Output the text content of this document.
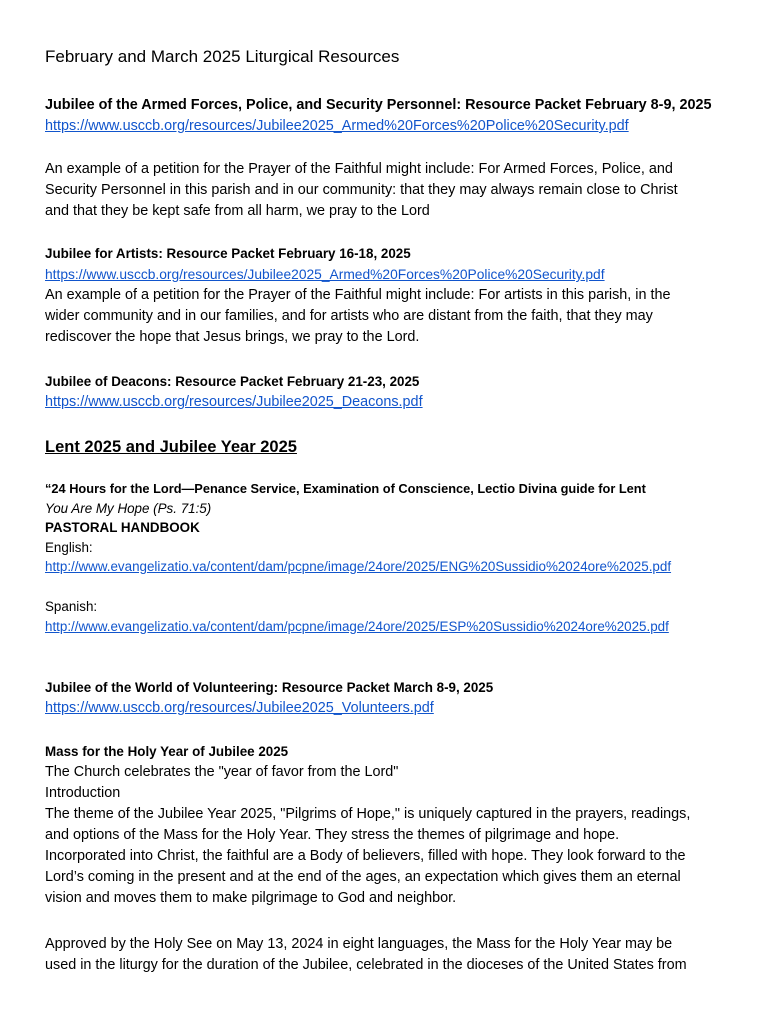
February and March 2025 Liturgical Resources

Jubilee of the Armed Forces, Police, and Security Personnel: Resource Packet February 8-9, 2025

https://www.usccb.org/resources/Jubilee2025_Armed%20Forces%20Police%20Security.pdf

An example of a petition for the Prayer of the Faithful might include: For Armed Forces, Police, and

Security Personnel in this parish and in our community: that they may always remain close to Christ

and that they be kept safe from all harm, we pray to the Lord

Jubilee for Artists: Resource Packet February 16-18, 2025

https://www.usccb.org/resources/Jubilee2025_Armed%20Forces%20Police%20Security.pdf

An example of a petition for the Prayer of the Faithful might include: For artists in this parish, in the

wider community and in our families, and for artists who are distant from the faith, that they may

rediscover the hope that Jesus brings, we pray to the Lord.

Jubilee of Deacons: Resource Packet February 21-23, 2025

https://www.usccb.org/resources/Jubilee2025_Deacons.pdf

Lent 2025 and Jubilee Year 2025

“24 Hours for the Lord—Penance Service, Examination of Conscience, Lectio Divina guide for Lent

You Are My Hope (Ps. 71:5)

PASTORAL HANDBOOK

English:

http://www.evangelizatio.va/content/dam/pcpne/image/24ore/2025/ENG%20Sussidio%2024ore%2025.pdf

Spanish:

http://www.evangelizatio.va/content/dam/pcpne/image/24ore/2025/ESP%20Sussidio%2024ore%2025.pdf

Jubilee of the World of Volunteering: Resource Packet March 8-9, 2025

https://www.usccb.org/resources/Jubilee2025_Volunteers.pdf

Mass for the Holy Year of Jubilee 2025

The Church celebrates the "year of favor from the Lord"

Introduction

The theme of the Jubilee Year 2025, "Pilgrims of Hope," is uniquely captured in the prayers, readings,

and options of the Mass for the Holy Year. They stress the themes of pilgrimage and hope.

Incorporated into Christ, the faithful are a Body of believers, filled with hope. They look forward to the

Lord’s coming in the present and at the end of the ages, an expectation which gives them an eternal

vision and moves them to make pilgrimage to God and neighbor.

Approved by the Holy See on May 13, 2024 in eight languages, the Mass for the Holy Year may be

used in the liturgy for the duration of the Jubilee, celebrated in the dioceses of the United States from
